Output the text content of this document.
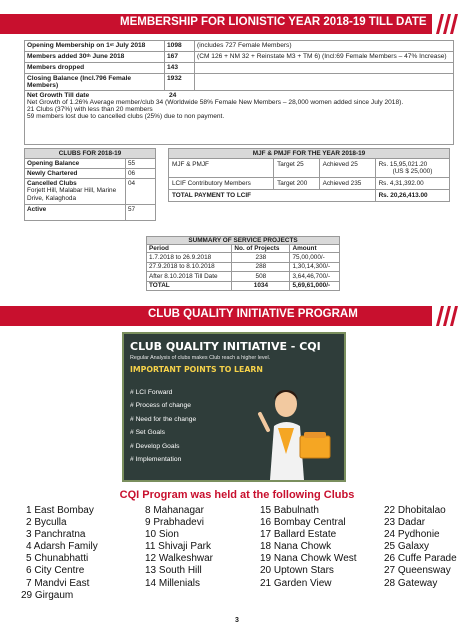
MEMBERSHIP FOR LIONISTIC YEAR 2018-19 TILL DATE
Opening Membership on 1st July 2018	1098	(includes 727 Female Members)
Members added 30th June 2018	167	(CM 126 + NM 32 + Reinstate M3 + TM 6) (Incl:69 Female Members – 47% Increase)
Members dropped	143	
Closing Balance (Incl.796 Female Members)	1932	

Net Growth Till date 24
Net Growth of 1.26% Average member/club 34 (Worldwide 58% Female New Members – 28,000 women added since July 2018).
21 Clubs (37%) with less than 20 members
59 members lost due to cancelled clubs (25%) due to non payment.		
CLUBS FOR 2018-19	
Opening Balance	55
Newly Chartered	06

Cancelled Clubs
Forjett Hill, Malabar Hill, Marine Drive, Kalaghoda	04
Active	57
MJF & PMJF FOR THE YEAR 2018-19			
MJF & PMJF	Target 25	Achieved 25	Rs. 15,95,021.20
(US $ 25,000)

LCIF Contributory Members	Target 200	Achieved 235	Rs. 4,31,392.00
TOTAL PAYMENT TO LCIF			Rs. 20,26,413.00
SUMMARY OF SERVICE PROJECTS		
Period	No. of Projects	Amount
1.7.2018 to 26.9.2018	238	75,00,000/-
27.9.2018 to 8.10.2018	288	1,30,14,300/-
After 8.10.2018 Till Date	508	3,64,46,700/-
TOTAL	1034	5,69,61,000/-
CLUB QUALITY INITIATIVE PROGRAM
CLUB QUALITY INITIATIVE - CQI
Regular Analysis of clubs makes Club reach a higher level.
IMPORTANT POINTS TO LEARN
# LCI Forward
# Process of change
# Need for the change
# Set Goals
# Develop Goals
# Implementation
CQI Program was held at the following Clubs
1 East Bombay
2 Byculla
3 Panchratna
4 Adarsh Family
5 Chunabhatti
6 City Centre
7 Mandvi East
29 Girgaum
8 Mahanagar
9 Prabhadevi
10 Sion
11 Shivaji Park
12 Walkeshwar
13 South Hill
14 Millenials
15 Babulnath
16 Bombay Central
17 Ballard Estate
18 Nana Chowk
19 Nana Chowk West
20 Uptown Stars
21 Garden View
22 Dhobitalao
23 Dadar
24 Pydhonie
25 Galaxy
26 Cuffe Parade
27 Queensway
28 Gateway
3
